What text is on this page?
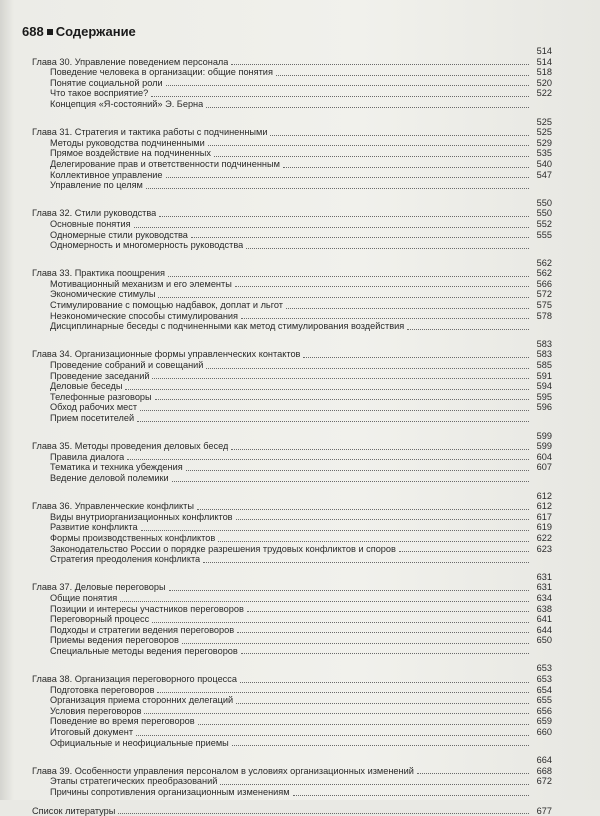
688 Содержание
514
Глава 30. Управление поведением персонала	514
Поведение человека в организации: общие понятия	518
Понятие социальной роли	520
Что такое восприятие?	522
Концепция «Я-состояний» Э. Берна
525
Глава 31. Стратегия и тактика работы с подчиненными	525
Методы руководства подчиненными	529
Прямое воздействие на подчиненных	535
Делегирование прав и ответственности подчиненным	540
Коллективное управление	547
Управление по целям
550
Глава 32. Стили руководства	550
Основные понятия	552
Одномерные стили руководства	555
Одномерность и многомерность руководства
562
Глава 33. Практика поощрения	562
Мотивационный механизм и его элементы	566
Экономические стимулы	572
Стимулирование с помощью надбавок, доплат и льгот	575
Неэкономические способы стимулирования	578
Дисциплинарные беседы с подчиненными как метод стимулирования воздействия
583
Глава 34. Организационные формы управленческих контактов	583
Проведение собраний и совещаний	585
Проведение заседаний	591
Деловые беседы	594
Телефонные разговоры	595
Обход рабочих мест	596
Прием посетителей
599
Глава 35. Методы проведения деловых бесед	599
Правила диалога	604
Тематика и техника убеждения	607
Ведение деловой полемики
612
Глава 36. Управленческие конфликты	612
Виды внутриорганизационных конфликтов	617
Развитие конфликта	619
Формы производственных конфликтов	622
Законодательство России о порядке разрешения трудовых конфликтов и споров	623
Стратегия преодоления конфликта
631
Глава 37. Деловые переговоры	631
Общие понятия	634
Позиции и интересы участников переговоров	638
Переговорный процесс	641
Подходы и стратегии ведения переговоров	644
Приемы ведения переговоров	650
Специальные методы ведения переговоров
653
Глава 38. Организация переговорного процесса	653
Подготовка переговоров	654
Организация приема сторонних делегаций	655
Условия переговоров	656
Поведение во время переговоров	659
Итоговый документ	660
Официальные и неофициальные приемы
664
Глава 39. Особенности управления персоналом в условиях организационных изменений	668
Этапы стратегических преобразований	672
Причины сопротивления организационным изменениям
Список литературы	677
